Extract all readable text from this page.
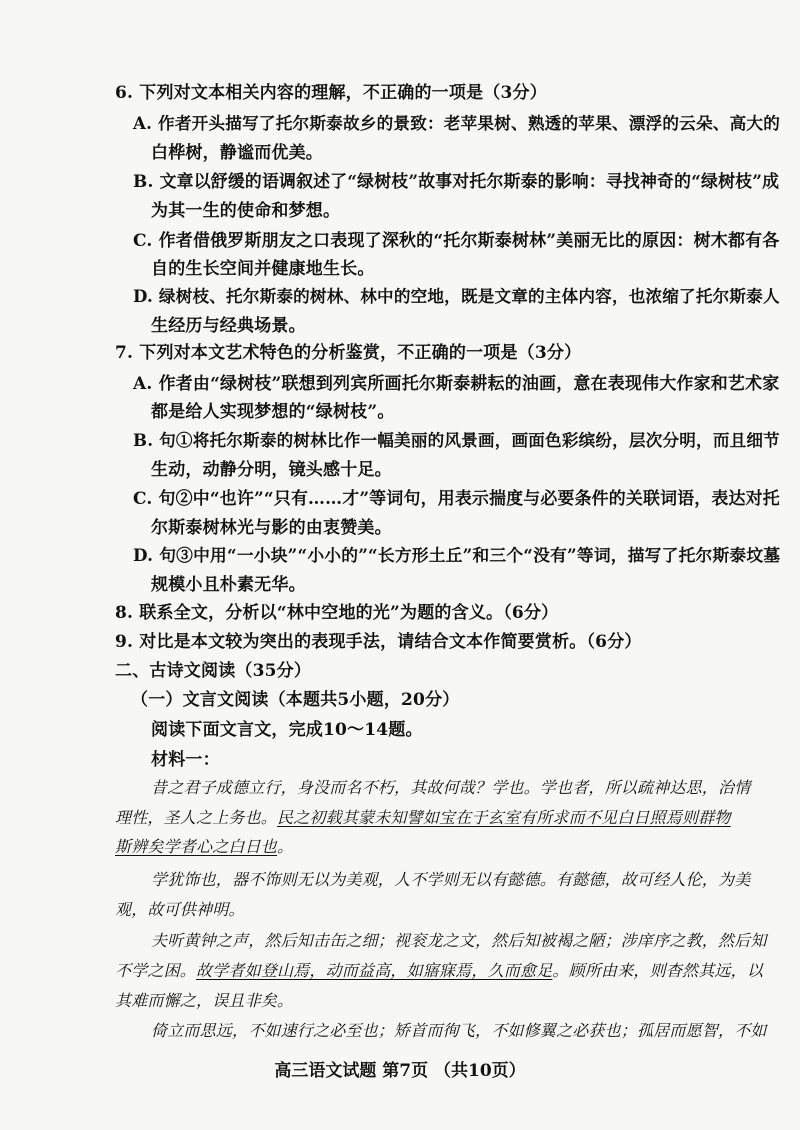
6. 下列对文本相关内容的理解，不正确的一项是（3分）
A. 作者开头描写了托尔斯泰故乡的景致：老苹果树、熟透的苹果、漂浮的云朵、高大的
白桦树，静谧而优美。
B. 文章以舒缓的语调叙述了“绿树枝”故事对托尔斯泰的影响：寻找神奇的“绿树枝”成
为其一生的使命和梦想。
C. 作者借俄罗斯朋友之口表现了深秋的“托尔斯泰树林”美丽无比的原因：树木都有各
自的生长空间并健康地生长。
D. 绿树枝、托尔斯泰的树林、林中的空地，既是文章的主体内容，也浓缩了托尔斯泰人
生经历与经典场景。
7. 下列对本文艺术特色的分析鉴赏，不正确的一项是（3分）
A. 作者由“绿树枝”联想到列宾所画托尔斯泰耕耘的油画，意在表现伟大作家和艺术家
都是给人实现梦想的“绿树枝”。
B. 句①将托尔斯泰的树林比作一幅美丽的风景画，画面色彩缤纷，层次分明，而且细节
生动，动静分明，镜头感十足。
C. 句②中“也许”“只有……才”等词句，用表示揣度与必要条件的关联词语，表达对托
尔斯泰树林光与影的由衷赞美。
D. 句③中用“一小块”“小小的”“长方形土丘”和三个“没有”等词，描写了托尔斯泰坟墓
规模小且朴素无华。
8. 联系全文，分析以“林中空地的光”为题的含义。（6分）
9. 对比是本文较为突出的表现手法，请结合文本作简要赏析。（6分）
二、古诗文阅读（35分）
（一）文言文阅读（本题共5小题，20分）
阅读下面文言文，完成10～14题。
材料一：
昔之君子成德立行，身没而名不朽，其故何哉？学也。学也者，所以疏神达思，治情
理性，圣人之上务也。民之初载其蒙未知譬如宝在于玄室有所求而不见白日照焉则群物
斯辨矣学者心之白日也。
学犹饰也，器不饰则无以为美观，人不学则无以有懿德。有懿德，故可经人伦，为美
观，故可供神明。
夫听黄钟之声，然后知击缶之细；视衮龙之文，然后知被褐之陋；涉庠序之教，然后知
不学之困。故学者如登山焉，动而益高，如寤寐焉，久而愈足。顾所由来，则杳然其远，以
其难而懈之，误且非矣。
倚立而思远，不如速行之必至也；矫首而徇飞，不如修翼之必获也；孤居而愿智，不如
高三语文试题 第7页 （共10页）
